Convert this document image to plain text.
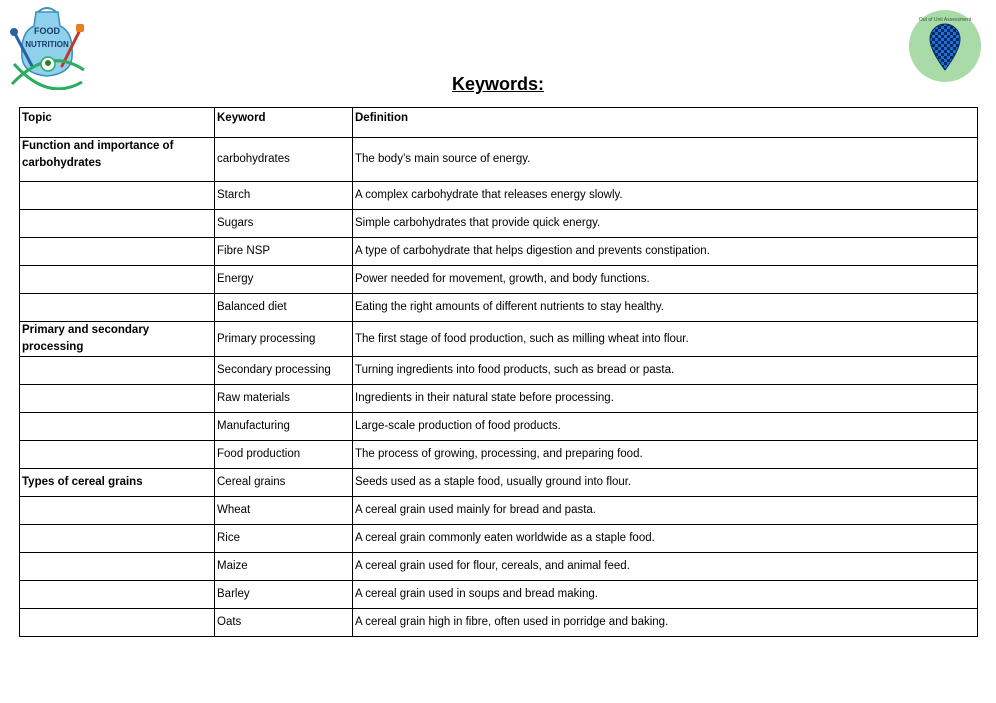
FOOD
NUTRITION
Out of Unit Assessment
Keywords:
Topic	Keyword	Definition
Function and importance of carbohydrates	carbohydrates	The body’s main source of energy.
	Starch	A complex carbohydrate that releases energy slowly.
	Sugars	Simple carbohydrates that provide quick energy.
	Fibre NSP	A type of carbohydrate that helps digestion and prevents constipation.
	Energy	Power needed for movement, growth, and body functions.
	Balanced diet	Eating the right amounts of different nutrients to stay healthy.
Primary and secondary processing	Primary processing	The first stage of food production, such as milling wheat into flour.
	Secondary processing	Turning ingredients into food products, such as bread or pasta.
	Raw materials	Ingredients in their natural state before processing.
	Manufacturing	Large-scale production of food products.
	Food production	The process of growing, processing, and preparing food.
Types of cereal grains	Cereal grains	Seeds used as a staple food, usually ground into flour.
	Wheat	A cereal grain used mainly for bread and pasta.
	Rice	A cereal grain commonly eaten worldwide as a staple food.
	Maize	A cereal grain used for flour, cereals, and animal feed.
	Barley	A cereal grain used in soups and bread making.
	Oats	A cereal grain high in fibre, often used in porridge and baking.
